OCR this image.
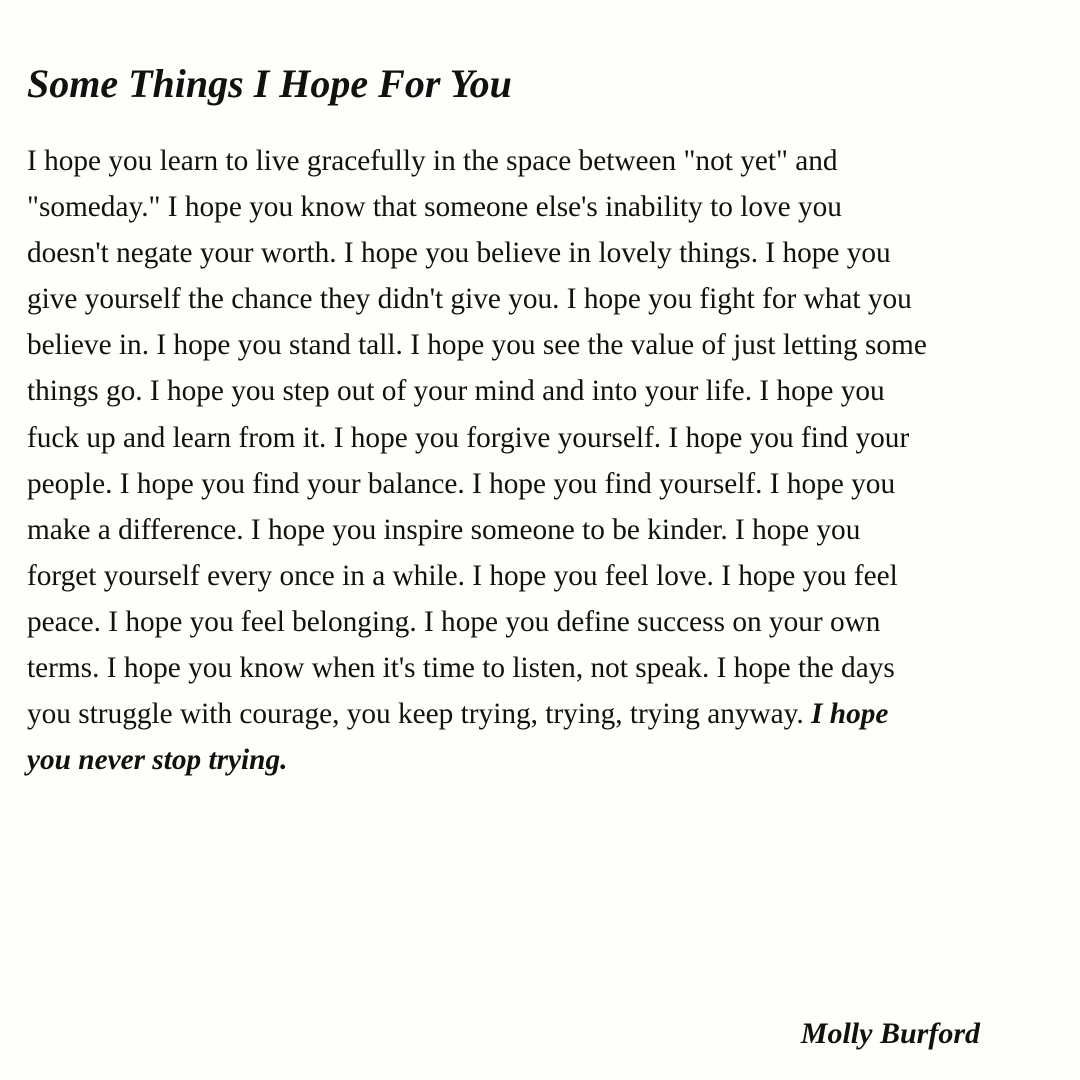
Some Things I Hope For You
I hope you learn to live gracefully in the space between "not yet" and
"someday." I hope you know that someone else's inability to love you
doesn't negate your worth. I hope you believe in lovely things. I hope you
give yourself the chance they didn't give you. I hope you fight for what you
believe in. I hope you stand tall. I hope you see the value of just letting some
things go. I hope you step out of your mind and into your life. I hope you
fuck up and learn from it. I hope you forgive yourself. I hope you find your
people. I hope you find your balance. I hope you find yourself. I hope you
make a difference. I hope you inspire someone to be kinder. I hope you
forget yourself every once in a while. I hope you feel love. I hope you feel
peace. I hope you feel belonging. I hope you define success on your own
terms. I hope you know when it's time to listen, not speak. I hope the days
you struggle with courage, you keep trying, trying, trying anyway. I hope
you never stop trying.

Molly Burford
